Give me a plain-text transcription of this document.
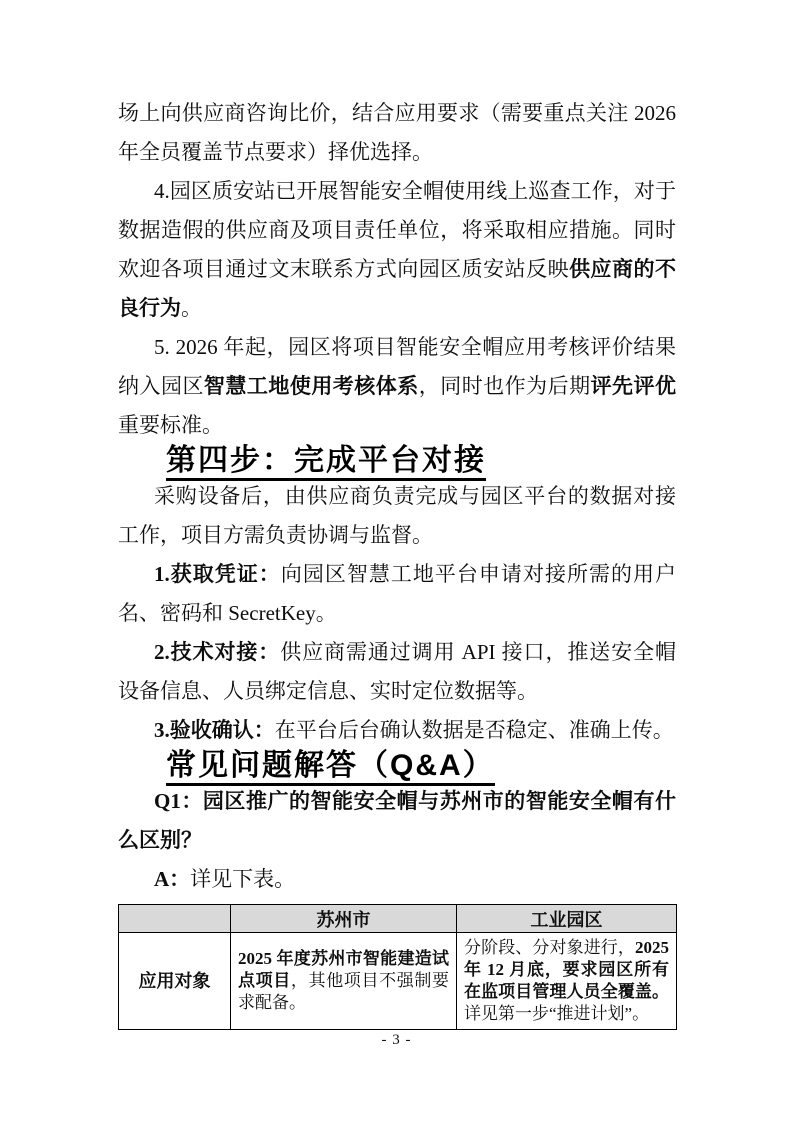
场上向供应商咨询比价，结合应用要求（需要重点关注 2026 年全员覆盖节点要求）择优选择。

4.园区质安站已开展智能安全帽使用线上巡查工作，对于数据造假的供应商及项目责任单位，将采取相应措施。同时欢迎各项目通过文末联系方式向园区质安站反映供应商的不良行为。

5. 2026 年起，园区将项目智能安全帽应用考核评价结果纳入园区智慧工地使用考核体系，同时也作为后期评先评优重要标准。

第四步：完成平台对接

采购设备后，由供应商负责完成与园区平台的数据对接工作，项目方需负责协调与监督。

1.获取凭证：向园区智慧工地平台申请对接所需的用户名、密码和 SecretKey。

2.技术对接：供应商需通过调用 API 接口，推送安全帽设备信息、人员绑定信息、实时定位数据等。

3.验收确认：在平台后台确认数据是否稳定、准确上传。

常见问题解答（Q&A）

Q1：园区推广的智能安全帽与苏州市的智能安全帽有什么区别？

A：详见下表。

	苏州市	工业园区
应用对象	2025 年度苏州市智能建造试点项目，其他项目不强制要求配备。	分阶段、分对象进行，2025 年 12 月底，要求园区所有在监项目管理人员全覆盖。详见第一步“推进计划”。
- 3 -
